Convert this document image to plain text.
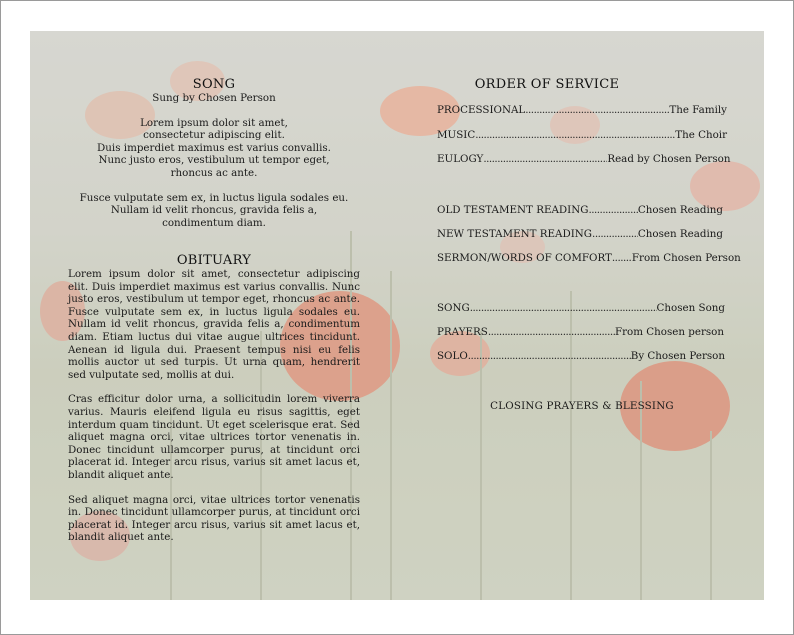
SONG

Sung by Chosen Person

Lorem ipsum dolor sit amet,

consectetur adipiscing elit.

Duis imperdiet maximus est varius convallis.

Nunc justo eros, vestibulum ut tempor eget,

rhoncus ac ante.

Fusce vulputate sem ex, in luctus ligula sodales eu.

Nullam id velit rhoncus, gravida felis a,

condimentum diam.

OBITUARY

Lorem ipsum dolor sit amet, consectetur adipiscing elit. Duis imperdiet maximus est varius convallis. Nunc justo eros, vestibulum ut tempor eget, rhoncus ac ante. Fusce vulputate sem ex, in luctus ligula sodales eu. Nullam id velit rhoncus, gravida felis a, condimentum diam. Etiam luctus dui vitae augue ultrices tincidunt. Aenean id ligula dui. Praesent tempus nisi eu felis mollis auctor ut sed turpis. Ut urna quam, hendrerit sed vulputate sed, mollis at dui.

Cras efficitur dolor urna, a sollicitudin lorem viverra varius. Mauris eleifend ligula eu risus sagittis, eget interdum quam tincidunt. Ut eget scelerisque erat. Sed aliquet magna orci, vitae ultrices tortor venenatis in. Donec tincidunt ullamcorper purus, at tincidunt orci placerat id. Integer arcu risus, varius sit amet lacus et, blandit aliquet ante.

Sed aliquet magna orci, vitae ultrices tortor venenatis in. Donec tincidunt ullamcorper purus, at tincidunt orci placerat id. Integer arcu risus, varius sit amet lacus et, blandit aliquet ante.

ORDER OF SERVICE
PROCESSIONAL .....	The Family
MUSIC .....	The Choir
EULOGY .....	Read by Chosen Person
OLD TESTAMENT READING .....	Chosen Reading
NEW TESTAMENT READING .....	Chosen Reading
SERMON/WORDS OF COMFORT ..... From Chosen Person
SONG .....	Chosen Song
PRAYERS .....	From Chosen person
SOLO .....	By Chosen Person
CLOSING PRAYERS & BLESSING
